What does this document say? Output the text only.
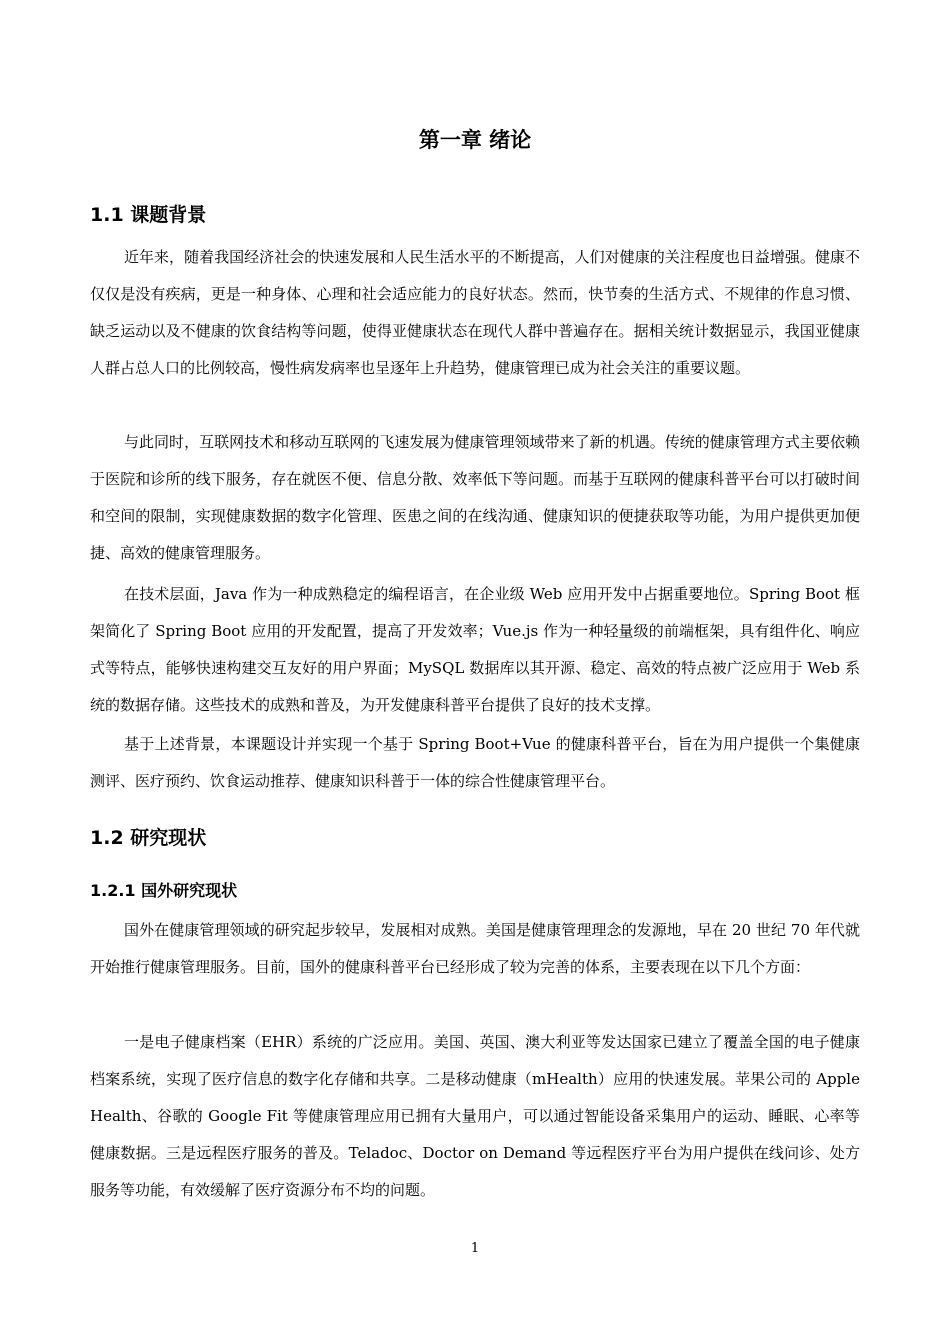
第一章 绪论
1.1 课题背景

近年来，随着我国经济社会的快速发展和人民生活水平的不断提高，人们对健康的关注程度也日益增强。健康不仅仅是没有疾病，更是一种身体、心理和社会适应能力的良好状态。然而，快节奏的生活方式、不规律的作息习惯、缺乏运动以及不健康的饮食结构等问题，使得亚健康状态在现代人群中普遍存在。据相关统计数据显示，我国亚健康人群占总人口的比例较高，慢性病发病率也呈逐年上升趋势，健康管理已成为社会关注的重要议题。

与此同时，互联网技术和移动互联网的飞速发展为健康管理领域带来了新的机遇。传统的健康管理方式主要依赖于医院和诊所的线下服务，存在就医不便、信息分散、效率低下等问题。而基于互联网的健康科普平台可以打破时间和空间的限制，实现健康数据的数字化管理、医患之间的在线沟通、健康知识的便捷获取等功能，为用户提供更加便捷、高效的健康管理服务。

在技术层面，Java 作为一种成熟稳定的编程语言，在企业级 Web 应用开发中占据重要地位。Spring Boot 框架简化了 Spring Boot 应用的开发配置，提高了开发效率；Vue.js 作为一种轻量级的前端框架，具有组件化、响应式等特点，能够快速构建交互友好的用户界面；MySQL 数据库以其开源、稳定、高效的特点被广泛应用于 Web 系统的数据存储。这些技术的成熟和普及，为开发健康科普平台提供了良好的技术支撑。

基于上述背景，本课题设计并实现一个基于 Spring Boot+Vue 的健康科普平台，旨在为用户提供一个集健康测评、医疗预约、饮食运动推荐、健康知识科普于一体的综合性健康管理平台。

1.2 研究现状
1.2.1 国外研究现状

国外在健康管理领域的研究起步较早，发展相对成熟。美国是健康管理理念的发源地，早在 20 世纪 70 年代就开始推行健康管理服务。目前，国外的健康科普平台已经形成了较为完善的体系，主要表现在以下几个方面：

一是电子健康档案（EHR）系统的广泛应用。美国、英国、澳大利亚等发达国家已建立了覆盖全国的电子健康档案系统，实现了医疗信息的数字化存储和共享。二是移动健康（mHealth）应用的快速发展。苹果公司的 Apple Health、谷歌的 Google Fit 等健康管理应用已拥有大量用户，可以通过智能设备采集用户的运动、睡眠、心率等健康数据。三是远程医疗服务的普及。Teladoc、Doctor on Demand 等远程医疗平台为用户提供在线问诊、处方服务等功能，有效缓解了医疗资源分布不均的问题。

1
